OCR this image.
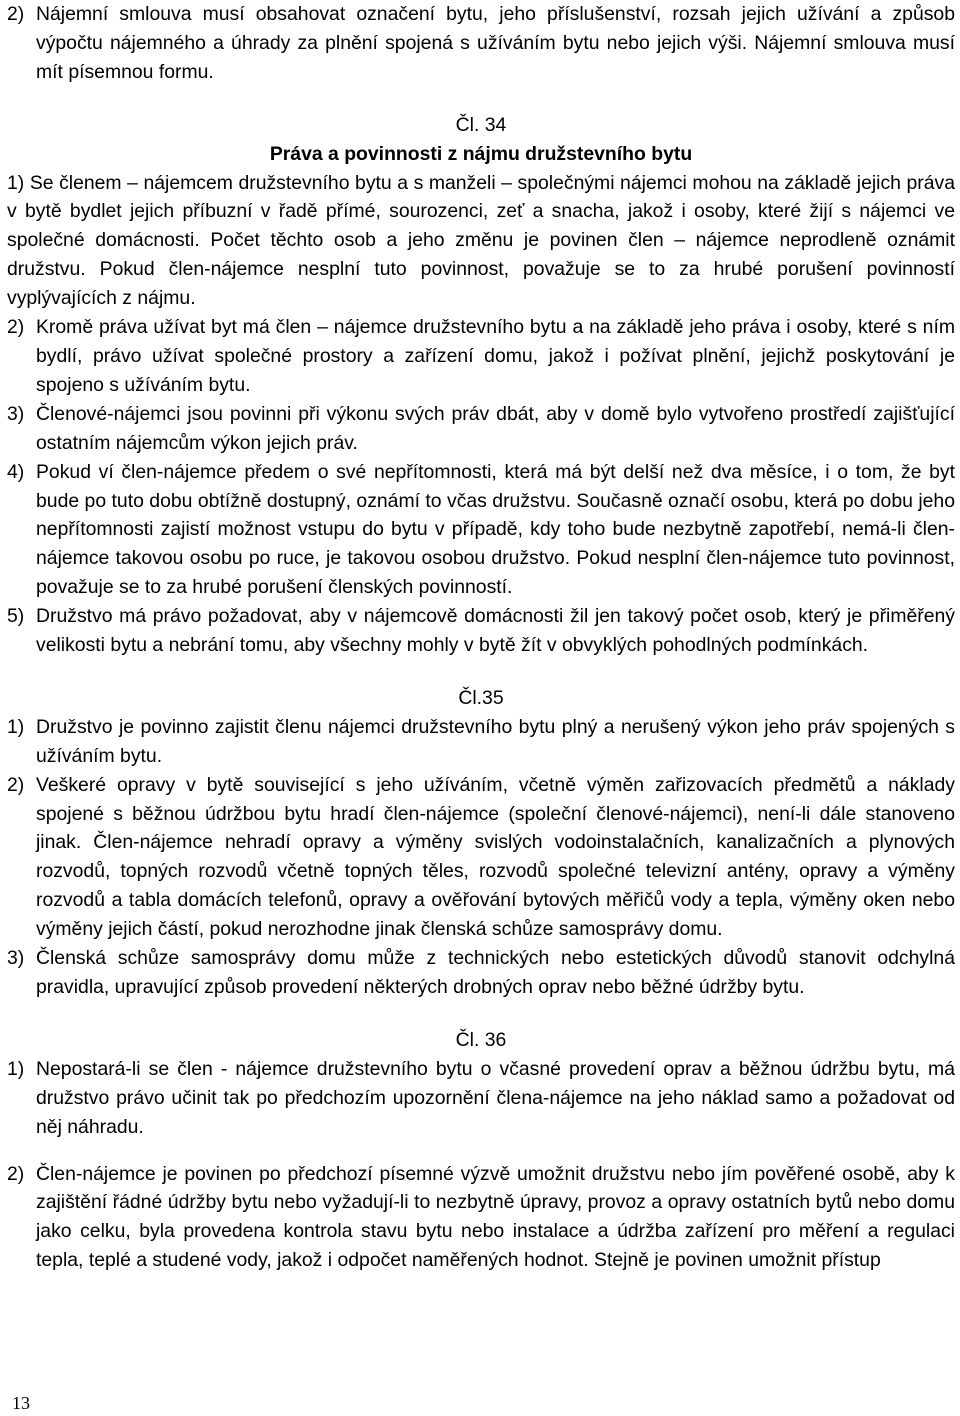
2) Nájemní smlouva musí obsahovat označení bytu, jeho příslušenství, rozsah jejich užívání a způsob výpočtu nájemného a úhrady za plnění spojená s užíváním bytu nebo jejich výši. Nájemní smlouva musí mít písemnou formu.
Čl. 34
Práva a povinnosti z nájmu družstevního bytu
1) Se členem – nájemcem družstevního bytu a s manželi – společnými nájemci mohou na základě jejich práva v bytě bydlet jejich příbuzní v řadě přímé, sourozenci, zeť a snacha, jakož i osoby, které žijí s nájemci ve společné domácnosti. Počet těchto osob a jeho změnu je povinen člen – nájemce neprodleně oznámit družstvu. Pokud člen-nájemce nesplní tuto povinnost, považuje se to za hrubé porušení povinností vyplývajících z nájmu.
2) Kromě práva užívat byt má člen – nájemce družstevního bytu a na základě jeho práva i osoby, které s ním bydlí, právo užívat společné prostory a zařízení domu, jakož i požívat plnění, jejichž poskytování je spojeno s užíváním bytu.
3) Členové-nájemci jsou povinni při výkonu svých práv dbát, aby v domě bylo vytvořeno prostředí zajišťující ostatním nájemcům výkon jejich práv.
4) Pokud ví člen-nájemce předem o své nepřítomnosti, která má být delší než dva měsíce, i o tom, že byt bude po tuto dobu obtížně dostupný, oznámí to včas družstvu. Současně označí osobu, která po dobu jeho nepřítomnosti zajistí možnost vstupu do bytu v případě, kdy toho bude nezbytně zapotřebí, nemá-li člen-nájemce takovou osobu po ruce, je takovou osobou družstvo. Pokud nesplní člen-nájemce tuto povinnost, považuje se to za hrubé porušení členských povinností.
5) Družstvo má právo požadovat, aby v nájemcově domácnosti žil jen takový počet osob, který je přiměřený velikosti bytu a nebrání tomu, aby všechny mohly v bytě žít v obvyklých pohodlných podmínkách.
Čl.35
1) Družstvo je povinno zajistit členu nájemci družstevního bytu plný a nerušený výkon jeho práv spojených s užíváním bytu.
2) Veškeré opravy v bytě související s jeho užíváním, včetně výměn zařizovacích předmětů a náklady spojené s běžnou údržbou bytu hradí člen-nájemce (společní členové-nájemci), není-li dále stanoveno jinak. Člen-nájemce nehradí opravy a výměny svislých vodoinstalačních, kanalizačních a plynových rozvodů, topných rozvodů včetně topných těles, rozvodů společné televizní antény, opravy a výměny rozvodů a tabla domácích telefonů, opravy a ověřování bytových měřičů vody a tepla, výměny oken nebo výměny jejich částí, pokud nerozhodne jinak členská schůze samosprávy domu.
3) Členská schůze samosprávy domu může z technických nebo estetických důvodů stanovit odchylná pravidla, upravující způsob provedení některých drobných oprav nebo běžné údržby bytu.
Čl. 36
1) Nepostará-li se člen - nájemce družstevního bytu o včasné provedení oprav a běžnou údržbu bytu, má družstvo právo učinit tak po předchozím upozornění člena-nájemce na jeho náklad samo a požadovat od něj náhradu.
2) Člen-nájemce je povinen po předchozí písemné výzvě umožnit družstvu nebo jím pověřené osobě, aby k zajištění řádné údržby bytu nebo vyžadují-li to nezbytně úpravy, provoz a opravy ostatních bytů nebo domu jako celku, byla provedena kontrola stavu bytu nebo instalace a údržba zařízení pro měření a regulaci tepla, teplé a studené vody, jakož i odpočet naměřených hodnot. Stejně je povinen umožnit přístup
13
